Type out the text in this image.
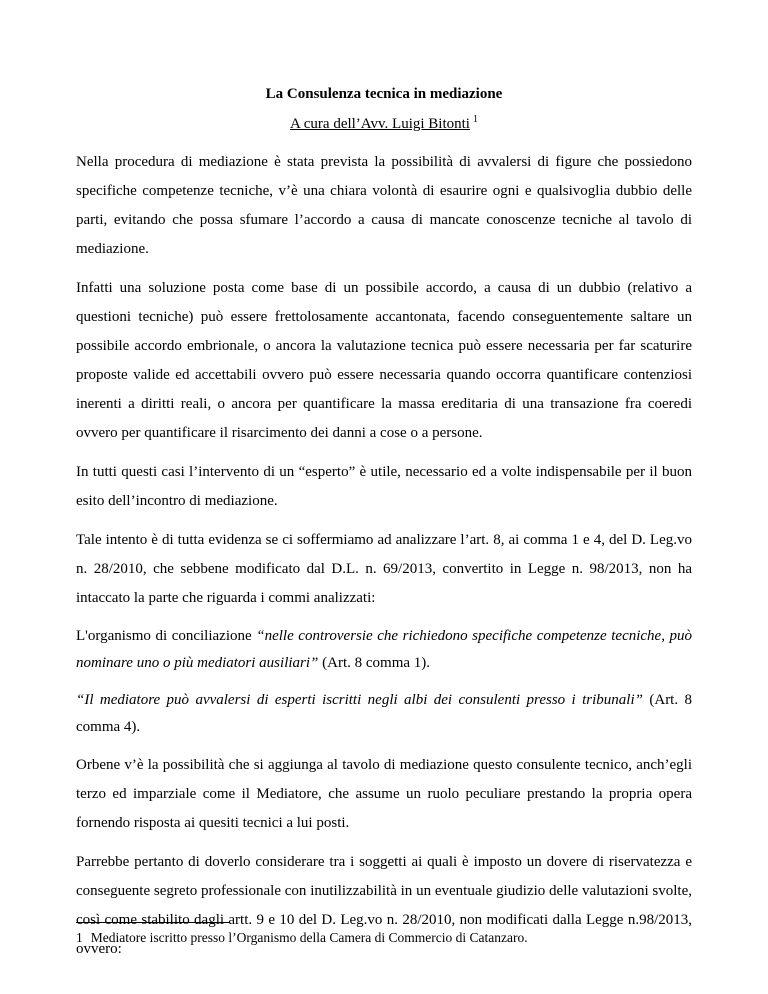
La Consulenza tecnica in mediazione
A cura dell’Avv. Luigi Bitonti $^1$

Nella procedura di mediazione è stata prevista la possibilità di avvalersi di figure che possiedono specifiche competenze tecniche, v’è una chiara volontà di esaurire ogni e qualsivoglia dubbio delle parti, evitando che possa sfumare l’accordo a causa di mancate conoscenze tecniche al tavolo di mediazione.

Infatti una soluzione posta come base di un possibile accordo, a causa di un dubbio (relativo a questioni tecniche) può essere frettolosamente accantonata, facendo conseguentemente saltare un possibile accordo embrionale, o ancora la valutazione tecnica può essere necessaria per far scaturire proposte valide ed accettabili ovvero può essere necessaria quando occorra quantificare contenziosi inerenti a diritti reali, o ancora per quantificare la massa ereditaria di una transazione fra coeredi ovvero per quantificare il risarcimento dei danni a cose o a persone.

In tutti questi casi l’intervento di un “esperto” è utile, necessario ed a volte indispensabile per il buon esito dell’incontro di mediazione.

Tale intento è di tutta evidenza se ci soffermiamo ad analizzare l’art. 8, ai comma 1 e 4, del D. Leg.vo n. 28/2010, che sebbene modificato dal D.L. n. 69/2013, convertito in Legge n. 98/2013, non ha intaccato la parte che riguarda i commi analizzati:

L'organismo di conciliazione “nelle controversie che richiedono specifiche competenze tecniche, può nominare uno o più mediatori ausiliari” (Art. 8 comma 1).

“Il mediatore può avvalersi di esperti iscritti negli albi dei consulenti presso i tribunali” (Art. 8 comma 4).

Orbene v’è la possibilità che si aggiunga al tavolo di mediazione questo consulente tecnico, anch’egli terzo ed imparziale come il Mediatore, che assume un ruolo peculiare prestando la propria opera fornendo risposta ai quesiti tecnici a lui posti.

Parrebbe pertanto di doverlo considerare tra i soggetti ai quali è imposto un dovere di riservatezza e conseguente segreto professionale con inutilizzabilità in un eventuale giudizio delle valutazioni svolte, così come stabilito dagli artt. 9 e 10 del D. Leg.vo n. 28/2010, non modificati dalla Legge n.98/2013, ovvero:

1 Mediatore iscritto presso l’Organismo della Camera di Commercio di Catanzaro.
